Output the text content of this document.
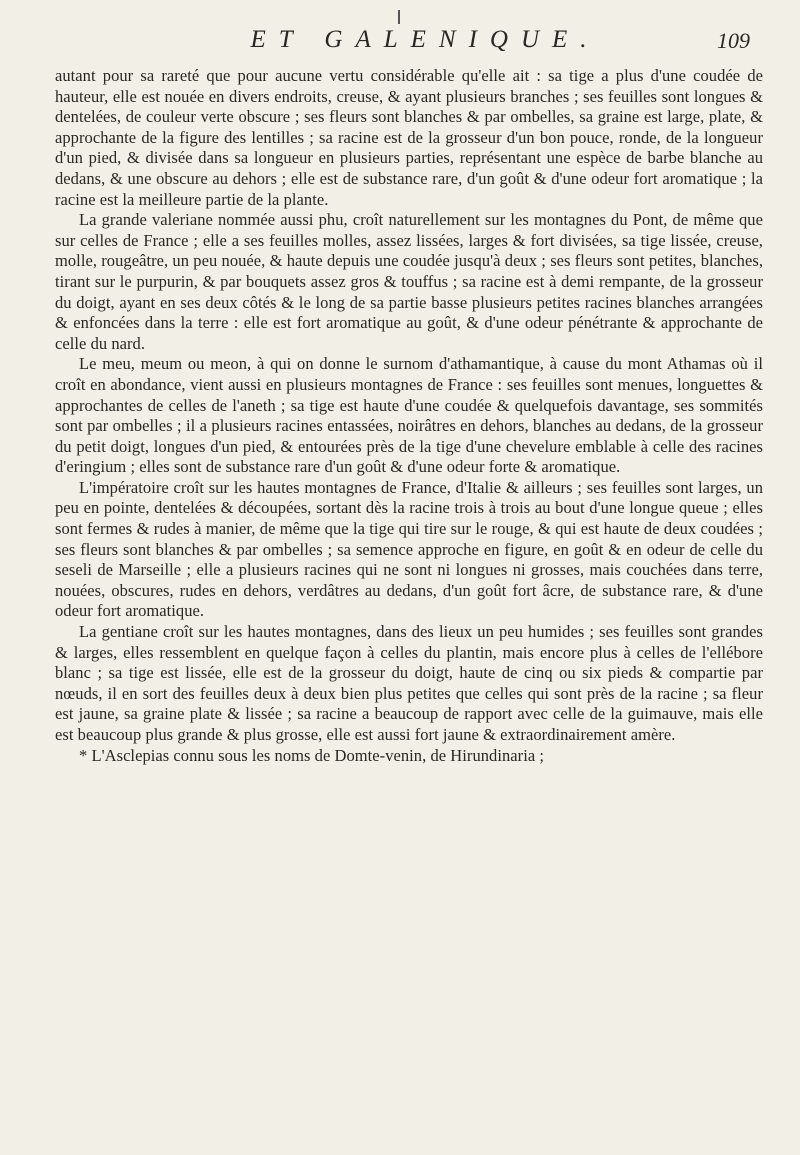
ET GALENIQUE.	109

autant pour sa rareté que pour aucune vertu considérable qu'elle ait : sa tige a plus d'une coudée de hauteur, elle est nouée en divers endroits, creuse, & ayant plusieurs branches ; ses feuilles sont longues & dentelées, de couleur verte obscure ; ses fleurs sont blanches & par ombelles, sa graine est large, plate, & approchante de la figure des lentilles ; sa racine est de la grosseur d'un bon pouce, ronde, de la longueur d'un pied, & divisée dans sa longueur en plusieurs parties, représentant une espèce de barbe blanche au dedans, & une obscure au dehors ; elle est de substance rare, d'un goût & d'une odeur fort aromatique ; la racine est la meilleure partie de la plante.

La grande valeriane nommée aussi phu, croît naturellement sur les montagnes du Pont, de même que sur celles de France ; elle a ses feuilles molles, assez lissées, larges & fort divisées, sa tige lissée, creuse, molle, rougeâtre, un peu nouée, & haute depuis une coudée jusqu'à deux ; ses fleurs sont petites, blanches, tirant sur le purpurin, & par bouquets assez gros & touffus ; sa racine est à demi rempante, de la grosseur du doigt, ayant en ses deux côtés & le long de sa partie basse plusieurs petites racines blanches arrangées & enfoncées dans la terre : elle est fort aromatique au goût, & d'une odeur pénétrante & approchante de celle du nard.

Le meu, meum ou meon, à qui on donne le surnom d'athamantique, à cause du mont Athamas où il croît en abondance, vient aussi en plusieurs montagnes de France : ses feuilles sont menues, longuettes & approchantes de celles de l'aneth ; sa tige est haute d'une coudée & quelquefois davantage, ses sommités sont par ombelles ; il a plusieurs racines entassées, noirâtres en dehors, blanches au dedans, de la grosseur du petit doigt, longues d'un pied, & entourées près de la tige d'une chevelure emblable à celle des racines d'eringium ; elles sont de substance rare d'un goût & d'une odeur forte & aromatique.

L'impératoire croît sur les hautes montagnes de France, d'Italie & ailleurs ; ses feuilles sont larges, un peu en pointe, dentelées & découpées, sortant dès la racine trois à trois au bout d'une longue queue ; elles sont fermes & rudes à manier, de même que la tige qui tire sur le rouge, & qui est haute de deux coudées ; ses fleurs sont blanches & par ombelles ; sa semence approche en figure, en goût & en odeur de celle du seseli de Marseille ; elle a plusieurs racines qui ne sont ni longues ni grosses, mais couchées dans terre, nouées, obscures, rudes en dehors, verdâtres au dedans, d'un goût fort âcre, de substance rare, & d'une odeur fort aromatique.

La gentiane croît sur les hautes montagnes, dans des lieux un peu humides ; ses feuilles sont grandes & larges, elles ressemblent en quelque façon à celles du plantin, mais encore plus à celles de l'ellébore blanc ; sa tige est lissée, elle est de la grosseur du doigt, haute de cinq ou six pieds & compartie par nœuds, il en sort des feuilles deux à deux bien plus petites que celles qui sont près de la racine ; sa fleur est jaune, sa graine plate & lissée ; sa racine a beaucoup de rapport avec celle de la guimauve, mais elle est beaucoup plus grande & plus grosse, elle est aussi fort jaune & extraordinairement amère.

* L'Asclepias connu sous les noms de Domte-venin, de Hirundinaria ;
